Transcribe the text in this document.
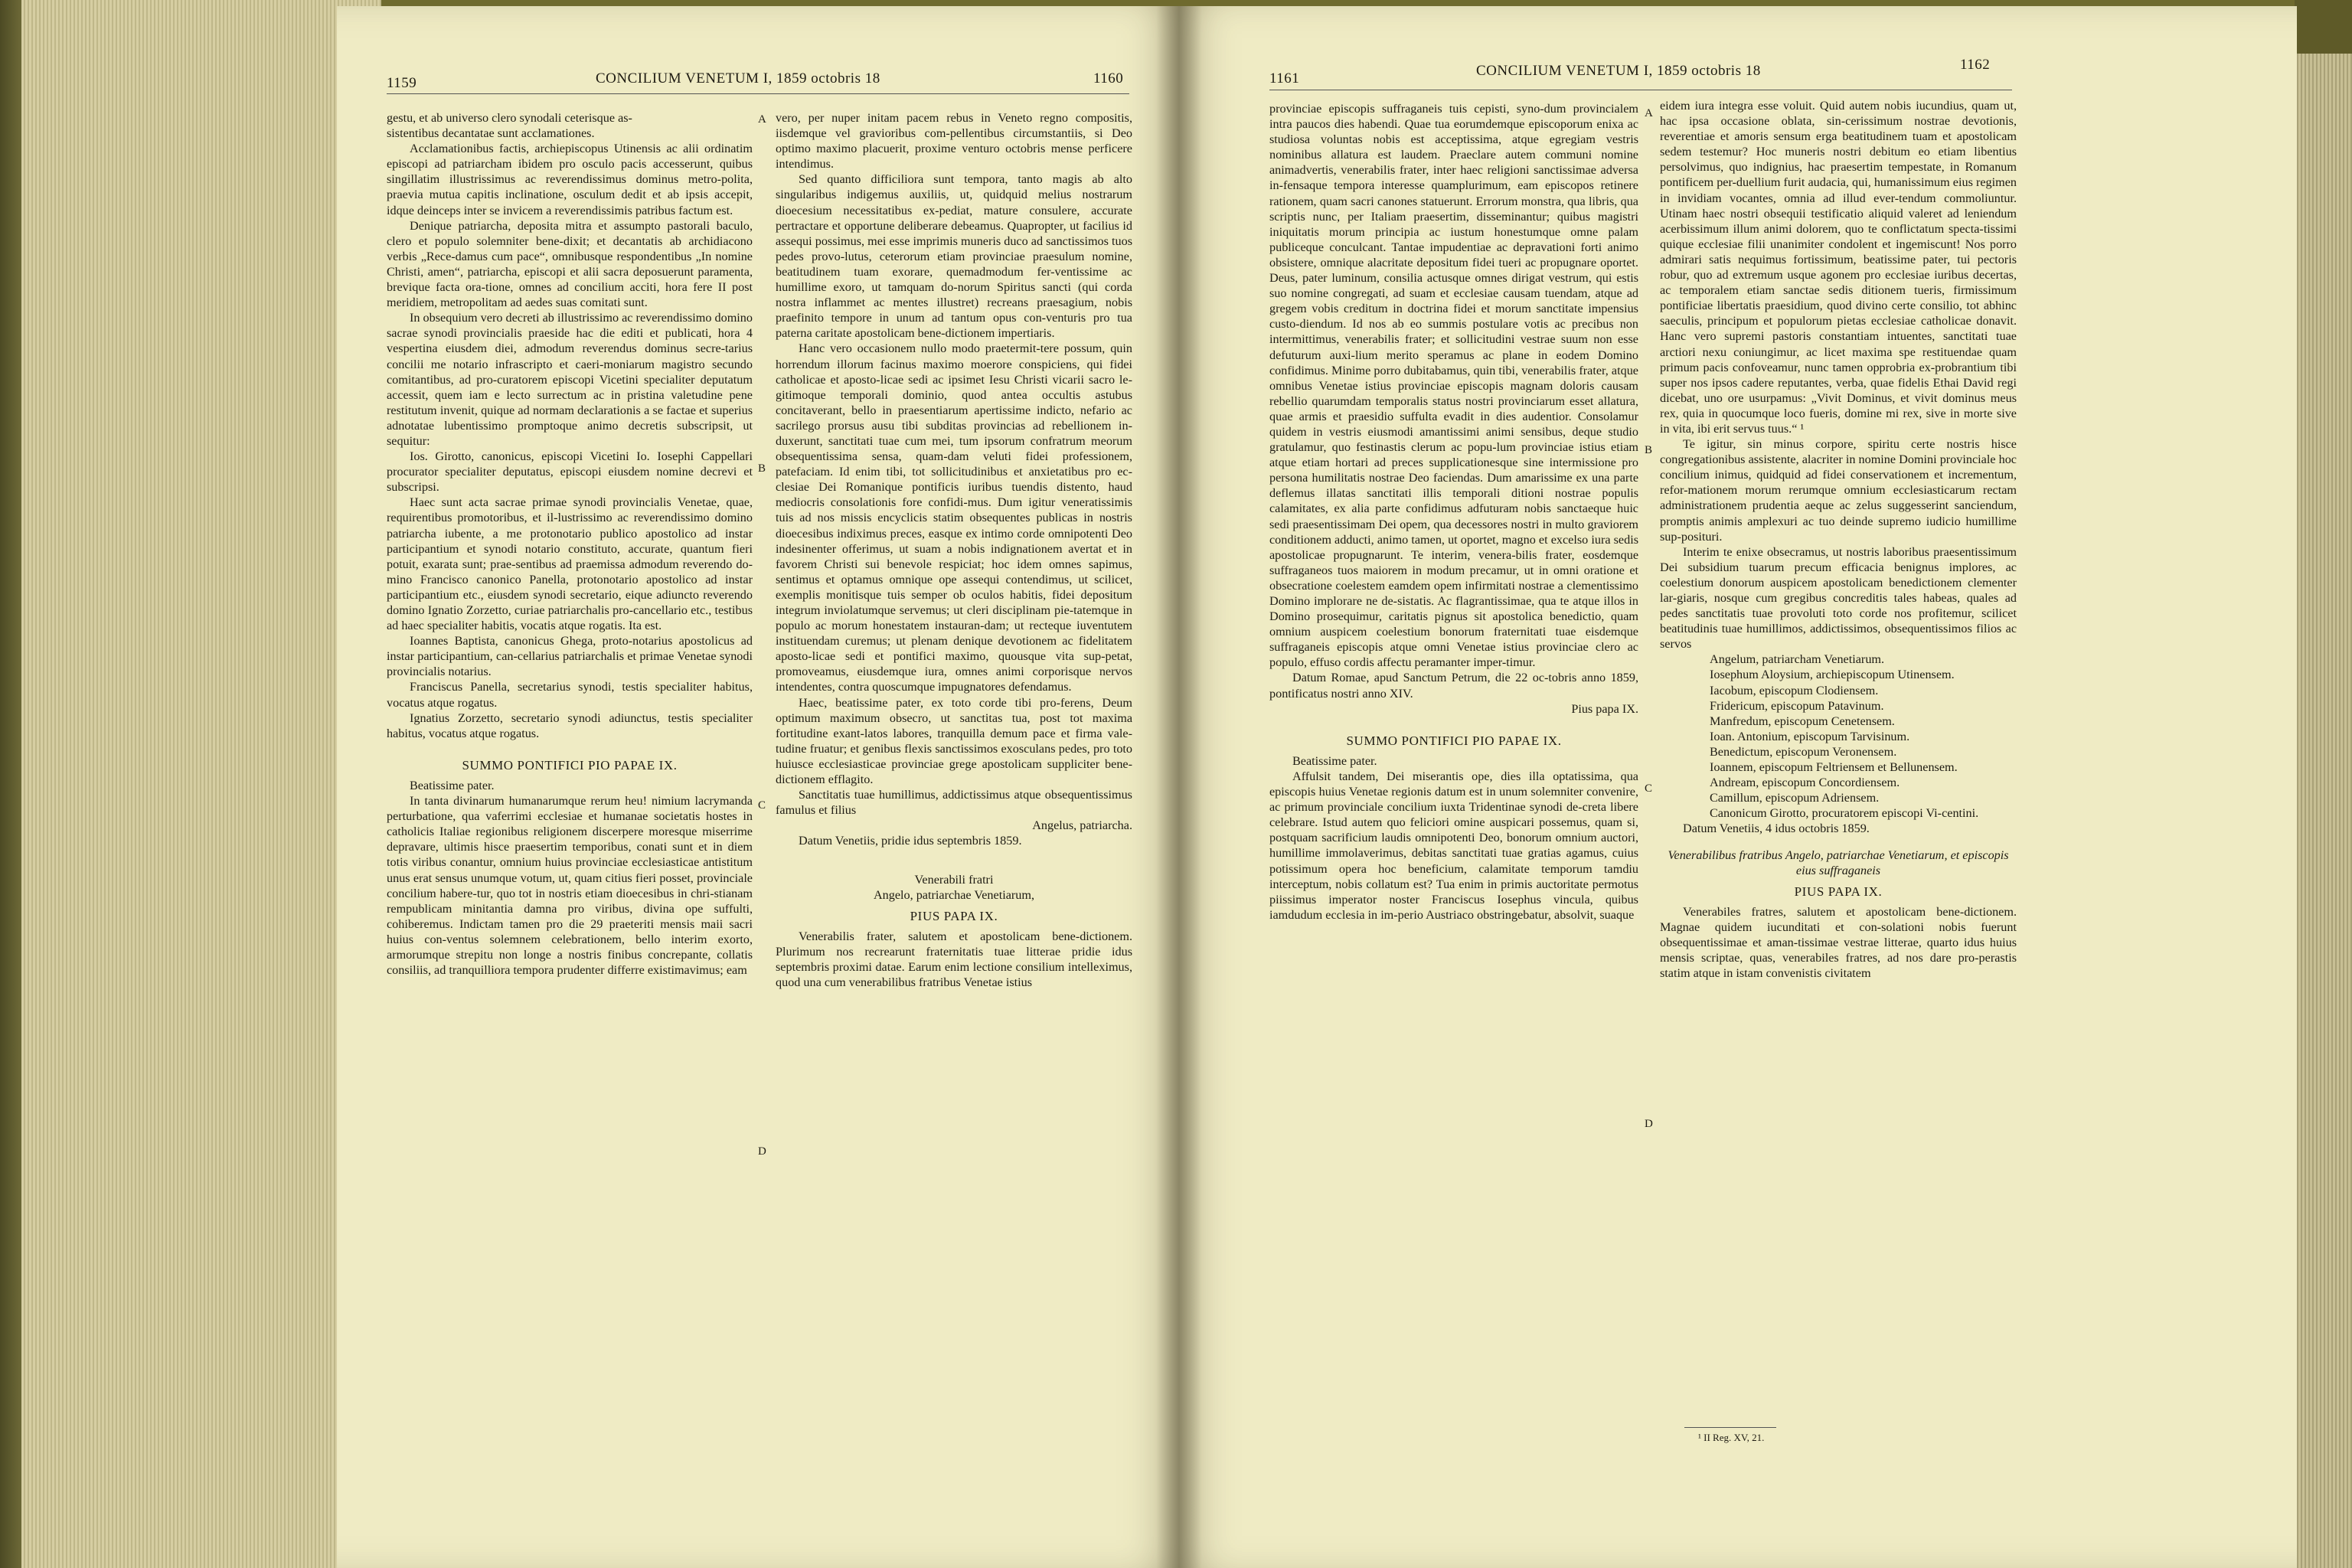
1159	CONCILIUM VENETUM I, 1859 octobris 18	1160	1161	CONCILIUM VENETUM I, 1859 octobris 18	1162
A
B
C
D
A
B
C
D

gestu, et ab universo clero synodali ceterisque as-

sistentibus decantatae sunt acclamationes.

Acclamationibus factis, archiepiscopus Utinensis ac alii ordinatim episcopi ad patriarcham ibidem pro osculo pacis accesserunt, quibus singillatim illustrissimus ac reverendissimus dominus metro-polita, praevia mutua capitis inclinatione, osculum dedit et ab ipsis accepit, idque deinceps inter se invicem a reverendissimis patribus factum est.

Denique patriarcha, deposita mitra et assumpto pastorali baculo, clero et populo solemniter bene-dixit; et decantatis ab archidiacono verbis „Rece-damus cum pace“, omnibusque respondentibus „In nomine Christi, amen“, patriarcha, episcopi et alii sacra deposuerunt paramenta, brevique facta ora-tione, omnes ad concilium acciti, hora fere II post meridiem, metropolitam ad aedes suas comitati sunt.

In obsequium vero decreti ab illustrissimo ac reverendissimo domino sacrae synodi provincialis praeside hac die editi et publicati, hora 4 vespertina eiusdem diei, admodum reverendus dominus secre-tarius concilii me notario infrascripto et caeri-moniarum magistro secundo comitantibus, ad pro-curatorem episcopi Vicetini specialiter deputatum accessit, quem iam e lecto surrectum ac in pristina valetudine pene restitutum invenit, quique ad normam declarationis a se factae et superius adnotatae lubentissimo promptoque animo decretis subscripsit, ut sequitur:

Ios. Girotto, canonicus, episcopi Vicetini Io. Iosephi Cappellari procurator specialiter deputatus, episcopi eiusdem nomine decrevi et subscripsi.

Haec sunt acta sacrae primae synodi provincialis Venetae, quae, requirentibus promotoribus, et il-lustrissimo ac reverendissimo domino patriarcha iubente, a me protonotario publico apostolico ad instar participantium et synodi notario constituto, accurate, quantum fieri potuit, exarata sunt; prae-sentibus ad praemissa admodum reverendo do-mino Francisco canonico Panella, protonotario apostolico ad instar participantium etc., eiusdem synodi secretario, eique adiuncto reverendo domino Ignatio Zorzetto, curiae patriarchalis pro-cancellario etc., testibus ad haec specialiter habitis, vocatis atque rogatis. Ita est.

Ioannes Baptista, canonicus Ghega, proto-notarius apostolicus ad instar participantium, can-cellarius patriarchalis et primae Venetae synodi provincialis notarius.

Franciscus Panella, secretarius synodi, testis specialiter habitus, vocatus atque rogatus.

Ignatius Zorzetto, secretario synodi adiunctus, testis specialiter habitus, vocatus atque rogatus.

SUMMO PONTIFICI PIO PAPAE IX.

Beatissime pater.

In tanta divinarum humanarumque rerum heu! nimium lacrymanda perturbatione, qua vaferrimi ecclesiae et humanae societatis hostes in catholicis Italiae regionibus religionem discerpere moresque miserrime depravare, ultimis hisce praesertim temporibus, conati sunt et in diem totis viribus conantur, omnium huius provinciae ecclesiasticae antistitum unus erat sensus unumque votum, ut, quam citius fieri posset, provinciale concilium habere-tur, quo tot in nostris etiam dioecesibus in chri-stianam rempublicam minitantia damna pro viribus, divina ope suffulti, cohiberemus. Indictam tamen pro die 29 praeteriti mensis maii sacri huius con-ventus solemnem celebrationem, bello interim exorto, armorumque strepitu non longe a nostris finibus concrepante, collatis consiliis, ad tranquilliora tempora prudenter differre existimavimus; eam

vero, per nuper initam pacem rebus in Veneto regno compositis, iisdemque vel gravioribus com-pellentibus circumstantiis, si Deo optimo maximo placuerit, proxime venturo octobris mense perficere intendimus.

Sed quanto difficiliora sunt tempora, tanto magis ab alto singularibus indigemus auxiliis, ut, quidquid melius nostrarum dioecesium necessitatibus ex-pediat, mature consulere, accurate pertractare et opportune deliberare debeamus. Quapropter, ut facilius id assequi possimus, mei esse imprimis muneris duco ad sanctissimos tuos pedes provo-lutus, ceterorum etiam provinciae praesulum nomine, beatitudinem tuam exorare, quemadmodum fer-ventissime ac humillime exoro, ut tamquam do-norum Spiritus sancti (qui corda nostra inflammet ac mentes illustret) recreans praesagium, nobis praefinito tempore in unum ad tantum opus con-venturis pro tua paterna caritate apostolicam bene-dictionem impertiaris.

Hanc vero occasionem nullo modo praetermit-tere possum, quin horrendum illorum facinus maximo moerore conspiciens, qui fidei catholicae et aposto-licae sedi ac ipsimet Iesu Christi vicarii sacro le-gitimoque temporali dominio, quod antea occultis astubus concitaverant, bello in praesentiarum apertissime indicto, nefario ac sacrilego prorsus ausu tibi subditas provincias ad rebellionem in-duxerunt, sanctitati tuae cum mei, tum ipsorum confratrum meorum obsequentissima sensa, quam-dam veluti fidei professionem, patefaciam. Id enim tibi, tot sollicitudinibus et anxietatibus pro ec-clesiae Dei Romanique pontificis iuribus tuendis distento, haud mediocris consolationis fore confidi-mus. Dum igitur veneratissimis tuis ad nos missis encyclicis statim obsequentes publicas in nostris dioecesibus indiximus preces, easque ex intimo corde omnipotenti Deo indesinenter offerimus, ut suam a nobis indignationem avertat et in favorem Christi sui benevole respiciat; hoc idem omnes sapimus, sentimus et optamus omnique ope assequi contendimus, ut scilicet, exemplis monitisque tuis semper ob oculos habitis, fidei depositum integrum inviolatumque servemus; ut cleri disciplinam pie-tatemque in populo ac morum honestatem instauran-dam; ut recteque iuventutem instituendam curemus; ut plenam denique devotionem ac fidelitatem aposto-licae sedi et pontifici maximo, quousque vita sup-petat, promoveamus, eiusdemque iura, omnes animi corporisque nervos intendentes, contra quoscumque impugnatores defendamus.

Haec, beatissime pater, ex toto corde tibi pro-ferens, Deum optimum maximum obsecro, ut sanctitas tua, post tot maxima fortitudine exant-latos labores, tranquilla demum pace et firma vale-tudine fruatur; et genibus flexis sanctissimos exosculans pedes, pro toto huiusce ecclesiasticae provinciae grege apostolicam suppliciter bene-dictionem efflagito.

Sanctitatis tuae humillimus, addictissimus atque obsequentissimus famulus et filius

Angelus, patriarcha.

Datum Venetiis, pridie idus septembris 1859.

Venerabili fratri

Angelo, patriarchae Venetiarum,

PIUS PAPA IX.

Venerabilis frater, salutem et apostolicam bene-dictionem. Plurimum nos recrearunt fraternitatis tuae litterae pridie idus septembris proximi datae. Earum enim lectione consilium intelleximus, quod una cum venerabilibus fratribus Venetae istius

provinciae episcopis suffraganeis tuis cepisti, syno-dum provincialem intra paucos dies habendi. Quae tua eorumdemque episcoporum enixa ac studiosa voluntas nobis est acceptissima, atque egregiam vestris nominibus allatura est laudem. Praeclare autem communi nomine animadvertis, venerabilis frater, inter haec religioni sanctissimae adversa in-fensaque tempora interesse quamplurimum, eam episcopos retinere rationem, quam sacri canones statuerunt. Errorum monstra, qua libris, qua scriptis nunc, per Italiam praesertim, disseminantur; quibus magistri iniquitatis morum principia ac iustum honestumque omne palam publiceque conculcant. Tantae impudentiae ac depravationi forti animo obsistere, omnique alacritate depositum fidei tueri ac propugnare oportet. Deus, pater luminum, consilia actusque omnes dirigat vestrum, qui estis suo nomine congregati, ad suam et ecclesiae causam tuendam, atque ad gregem vobis creditum in doctrina fidei et morum sanctitate impensius custo-diendum. Id nos ab eo summis postulare votis ac precibus non intermittimus, venerabilis frater; et sollicitudini vestrae suum non esse defuturum auxi-lium merito speramus ac plane in eodem Domino confidimus. Minime porro dubitabamus, quin tibi, venerabilis frater, atque omnibus Venetae istius provinciae episcopis magnam doloris causam rebellio quarumdam temporalis status nostri provinciarum esset allatura, quae armis et praesidio suffulta evadit in dies audentior. Consolamur quidem in vestris eiusmodi amantissimi animi sensibus, deque studio gratulamur, quo festinastis clerum ac popu-lum provinciae istius etiam atque etiam hortari ad preces supplicationesque sine intermissione pro persona humilitatis nostrae Deo faciendas. Dum amarissime ex una parte deflemus illatas sanctitati illis temporali ditioni nostrae populis calamitates, ex alia parte confidimus adfuturam nobis sanctaeque huic sedi praesentissimam Dei opem, qua decessores nostri in multo graviorem conditionem adducti, animo tamen, ut oportet, magno et excelso iura sedis apostolicae propugnarunt. Te interim, venera-bilis frater, eosdemque suffraganeos tuos maiorem in modum precamur, ut in omni oratione et obsecratione coelestem eamdem opem infirmitati nostrae a clementissimo Domino implorare ne de-sistatis. Ac flagrantissimae, qua te atque illos in Domino prosequimur, caritatis pignus sit apostolica benedictio, quam omnium auspicem coelestium bonorum fraternitati tuae eisdemque suffraganeis episcopis atque omni Venetae istius provinciae clero ac populo, effuso cordis affectu peramanter imper-timur.

Datum Romae, apud Sanctum Petrum, die 22 oc-tobris anno 1859, pontificatus nostri anno XIV.

Pius papa IX.

SUMMO PONTIFICI PIO PAPAE IX.

Beatissime pater.

Affulsit tandem, Dei miserantis ope, dies illa optatissima, qua episcopis huius Venetae regionis datum est in unum solemniter convenire, ac primum provinciale concilium iuxta Tridentinae synodi de-creta libere celebrare. Istud autem quo feliciori omine auspicari possemus, quam si, postquam sacrificium laudis omnipotenti Deo, bonorum omnium auctori, humillime immolaverimus, debitas sanctitati tuae gratias agamus, cuius potissimum opera hoc beneficium, calamitate temporum tamdiu interceptum, nobis collatum est? Tua enim in primis auctoritate permotus piissimus imperator noster Franciscus Iosephus vincula, quibus iamdudum ecclesia in im-perio Austriaco obstringebatur, absolvit, suaque

eidem iura integra esse voluit. Quid autem nobis iucundius, quam ut, hac ipsa occasione oblata, sin-cerissimum nostrae devotionis, reverentiae et amoris sensum erga beatitudinem tuam et apostolicam sedem testemur? Hoc muneris nostri debitum eo etiam libentius persolvimus, quo indignius, hac praesertim tempestate, in Romanum pontificem per-duellium furit audacia, qui, humanissimum eius regimen in invidiam vocantes, omnia ad illud ever-tendum commoliuntur. Utinam haec nostri obsequii testificatio aliquid valeret ad leniendum acerbissimum illum animi dolorem, quo te conflictatum specta-tissimi quique ecclesiae filii unanimiter condolent et ingemiscunt! Nos porro admirari satis nequimus fortissimum, beatissime pater, tui pectoris robur, quo ad extremum usque agonem pro ecclesiae iuribus decertas, ac temporalem etiam sanctae sedis ditionem tueris, firmissimum pontificiae libertatis praesidium, quod divino certe consilio, tot abhinc saeculis, principum et populorum pietas ecclesiae catholicae donavit. Hanc vero supremi pastoris constantiam intuentes, sanctitati tuae arctiori nexu coniungimur, ac licet maxima spe restituendae quam primum pacis confoveamur, nunc tamen opprobria ex-probrantium tibi super nos ipsos cadere reputantes, verba, quae fidelis Ethai David regi dicebat, uno ore usurpamus: „Vivit Dominus, et vivit dominus meus rex, quia in quocumque loco fueris, domine mi rex, sive in morte sive in vita, ibi erit servus tuus.“ ¹

Te igitur, sin minus corpore, spiritu certe nostris hisce congregationibus assistente, alacriter in nomine Domini provinciale hoc concilium inimus, quidquid ad fidei conservationem et incrementum, refor-mationem morum rerumque omnium ecclesiasticarum rectam administrationem prudentia aeque ac zelus suggesserint sanciendum, promptis animis amplexuri ac tuo deinde supremo iudicio humillime sup-posituri.

Interim te enixe obsecramus, ut nostris laboribus praesentissimum Dei subsidium tuarum precum efficacia benignus implores, ac coelestium donorum auspicem apostolicam benedictionem clementer lar-giaris, nosque cum gregibus concreditis tales habeas, quales ad pedes sanctitatis tuae provoluti toto corde nos profitemur, scilicet beatitudinis tuae humillimos, addictissimos, obsequentissimos filios ac servos

Angelum, patriarcham Venetiarum.

Iosephum Aloysium, archiepiscopum Utinensem.

Iacobum, episcopum Clodiensem.

Fridericum, episcopum Patavinum.

Manfredum, episcopum Cenetensem.

Ioan. Antonium, episcopum Tarvisinum.

Benedictum, episcopum Veronensem.

Ioannem, episcopum Feltriensem et Bellunensem.

Andream, episcopum Concordiensem.

Camillum, episcopum Adriensem.

Canonicum Girotto, procuratorem episcopi Vi-centini.

Datum Venetiis, 4 idus octobris 1859.

Venerabilibus fratribus Angelo, patriarchae Venetiarum, et episcopis eius suffraganeis

PIUS PAPA IX.

Venerabiles fratres, salutem et apostolicam bene-dictionem. Magnae quidem iucunditati et con-solationi nobis fuerunt obsequentissimae et aman-tissimae vestrae litterae, quarto idus huius mensis scriptae, quas, venerabiles fratres, ad nos dare pro-perastis statim atque in istam convenistis civitatem

¹ II Reg. XV, 21.
